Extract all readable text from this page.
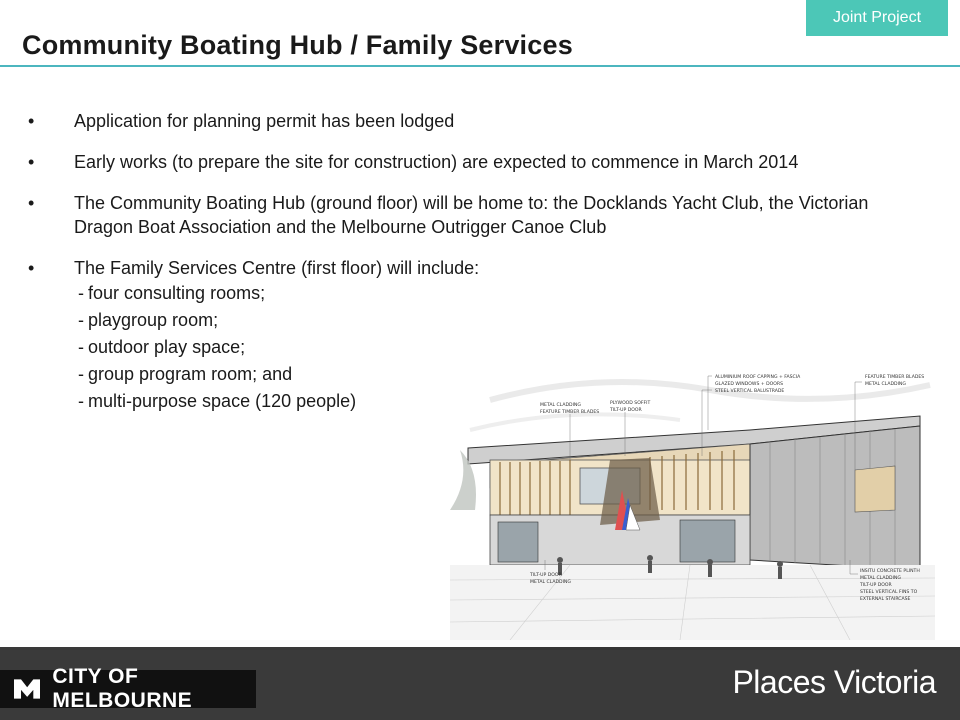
Joint Project
Community Boating Hub / Family Services
• Application for planning permit has been lodged
• Early works (to prepare the site for construction) are expected to commence in March 2014
• The Community Boating Hub (ground floor) will be home to: the Docklands Yacht Club, the Victorian Dragon Boat Association and the Melbourne Outrigger Canoe Club
• The Family Services Centre (first floor) will include:
- four consulting rooms;
- playgroup room;
- outdoor play space;
- group program room; and
- multi-purpose space (120 people)	METAL CLADDING
FEATURE TIMBER BLADES
PLYWOOD SOFFIT
TILT-UP DOOR
ALUMINIUM ROOF CAPPING + FASCIA
GLAZED WINDOWS + DOORS
STEEL VERTICAL BALUSTRADE
FEATURE TIMBER BLADES
METAL CLADDING
TILT-UP DOOR
METAL CLADDING
INSITU CONCRETE PLINTH
METAL CLADDING
TILT-UP DOOR
STEEL VERTICAL FINS TO
EXTERNAL STAIRCASE
CITY OF MELBOURNE
Places Victoria
